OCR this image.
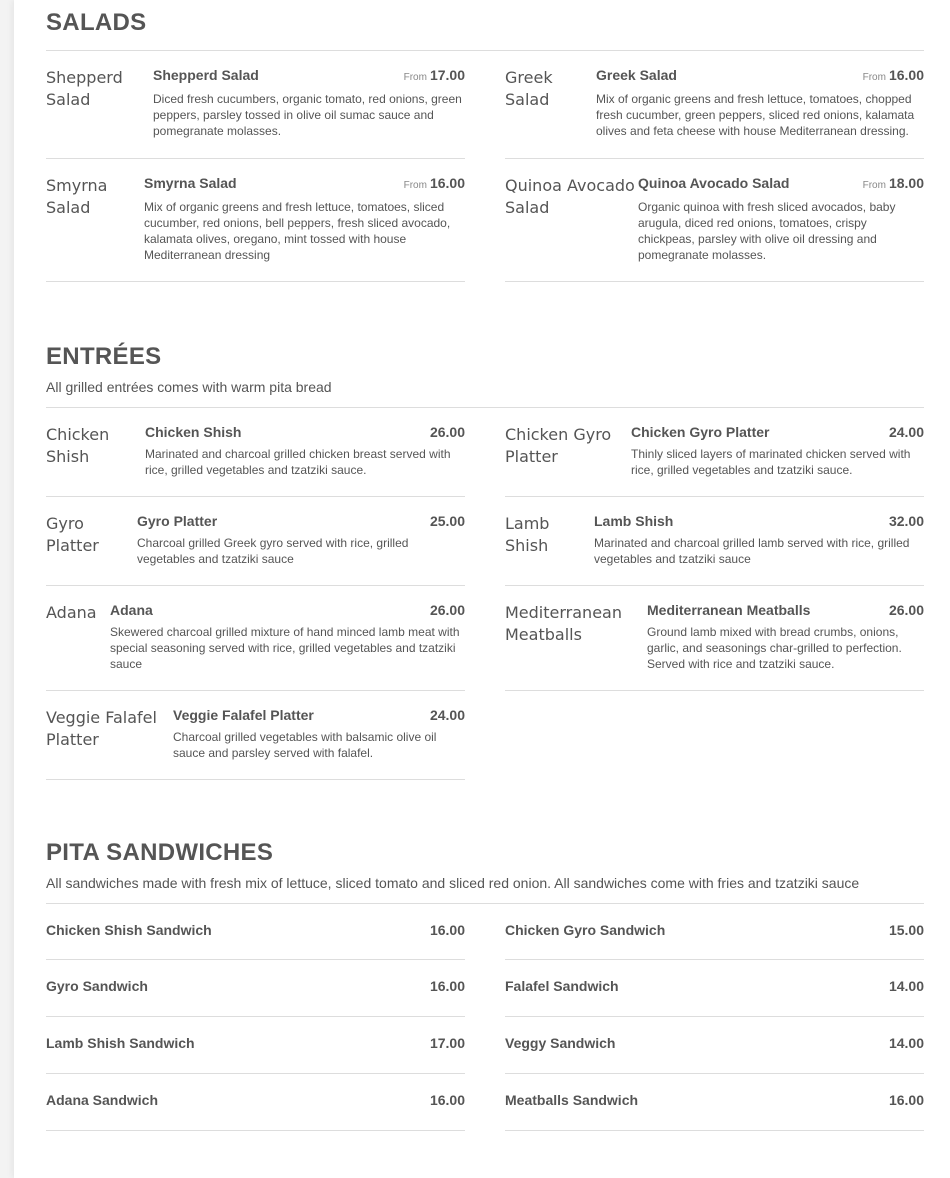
SALADS
Shepperd Salad
Shepperd Salad	From 17.00
Diced fresh cucumbers, organic tomato, red onions, green peppers, parsley tossed in olive oil sumac sauce and pomegranate molasses.
Smyrna Salad
Smyrna Salad	From 16.00
Mix of organic greens and fresh lettuce, tomatoes, sliced cucumber, red onions, bell peppers, fresh sliced avocado, kalamata olives, oregano, mint tossed with house Mediterranean dressing
Greek Salad
Greek Salad	From 16.00
Mix of organic greens and fresh lettuce, tomatoes, chopped fresh cucumber, green peppers, sliced red onions, kalamata olives and feta cheese with house Mediterranean dressing.
Quinoa Avocado Salad
Quinoa Avocado Salad	From 18.00
Organic quinoa with fresh sliced avocados, baby arugula, diced red onions, tomatoes, crispy chickpeas, parsley with olive oil dressing and pomegranate molasses.
ENTRÉES
All grilled entrées comes with warm pita bread
Chicken Shish
Chicken Shish	26.00
Marinated and charcoal grilled chicken breast served with rice, grilled vegetables and tzatziki sauce.
Gyro Platter
Gyro Platter	25.00
Charcoal grilled Greek gyro served with rice, grilled vegetables and tzatziki sauce
Adana Adana	26.00
Skewered charcoal grilled mixture of hand minced lamb meat with special seasoning served with rice, grilled vegetables and tzatziki sauce
Veggie Falafel Platter
Veggie Falafel Platter	24.00
Charcoal grilled vegetables with balsamic olive oil sauce and parsley served with falafel.
Chicken Gyro Platter
Chicken Gyro Platter	24.00
Thinly sliced layers of marinated chicken served with rice, grilled vegetables and tzatziki sauce.
Lamb Shish
Lamb Shish	32.00
Marinated and charcoal grilled lamb served with rice, grilled vegetables and tzatziki sauce
Mediterranean Meatballs
Mediterranean Meatballs	26.00
Ground lamb mixed with bread crumbs, onions, garlic, and seasonings char-grilled to perfection. Served with rice and tzatziki sauce.
PITA SANDWICHES
All sandwiches made with fresh mix of lettuce, sliced tomato and sliced red onion. All sandwiches come with fries and tzatziki sauce
Chicken Shish Sandwich	16.00
Gyro Sandwich	16.00
Lamb Shish Sandwich	17.00
Adana Sandwich	16.00
Chicken Gyro Sandwich	15.00
Falafel Sandwich	14.00
Veggy Sandwich	14.00
Meatballs Sandwich	16.00
